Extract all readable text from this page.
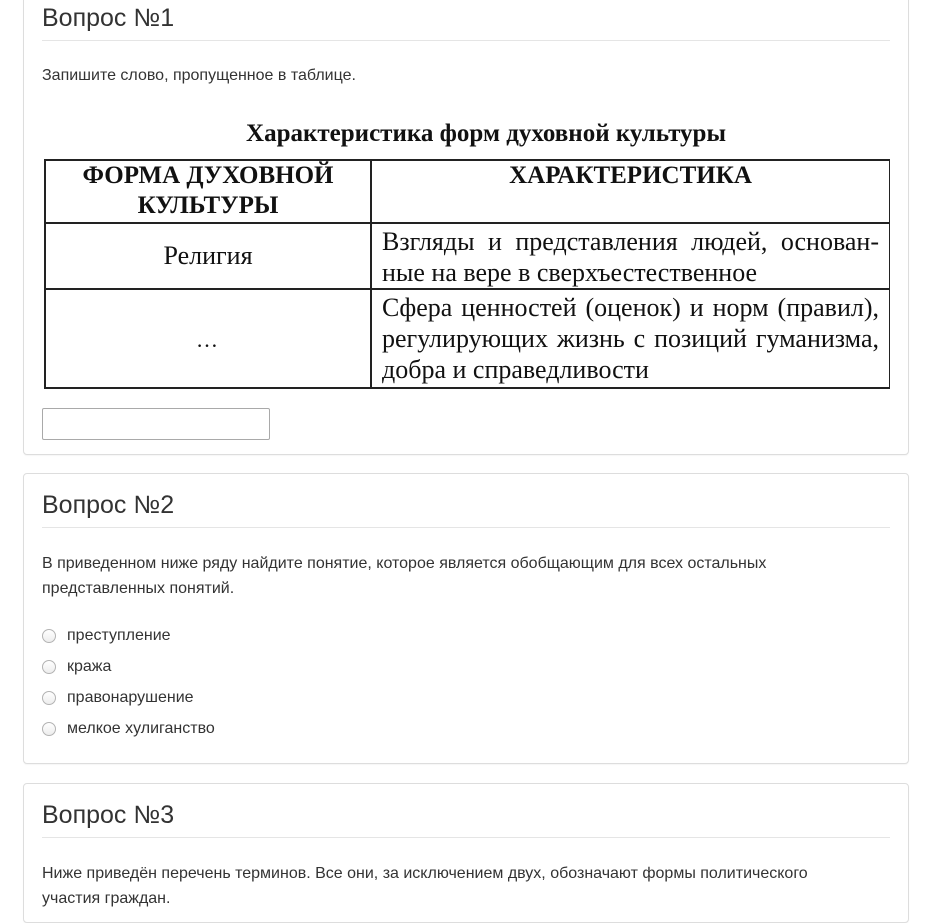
Вопрос №1
Запишите слово, пропущенное в таблице.
Характеристика форм духовной культуры
ФОРМА ДУХОВНОЙ КУЛЬТУРЫ	ХАРАКТЕРИСТИКА
Религия	Взгляды и представления людей, основан-ные на вере в сверхъестественное
…	Сфера ценностей (оценок) и норм (правил), регулирующих жизнь с позиций гуманизма, добра и справедливости
Вопрос №2
В приведенном ниже ряду найдите понятие, которое является обобщающим для всех остальных представленных понятий.
преступление
кража
правонарушение
мелкое хулиганство
Вопрос №3
Ниже приведён перечень терминов. Все они, за исключением двух, обозначают формы политического участия граждан.
